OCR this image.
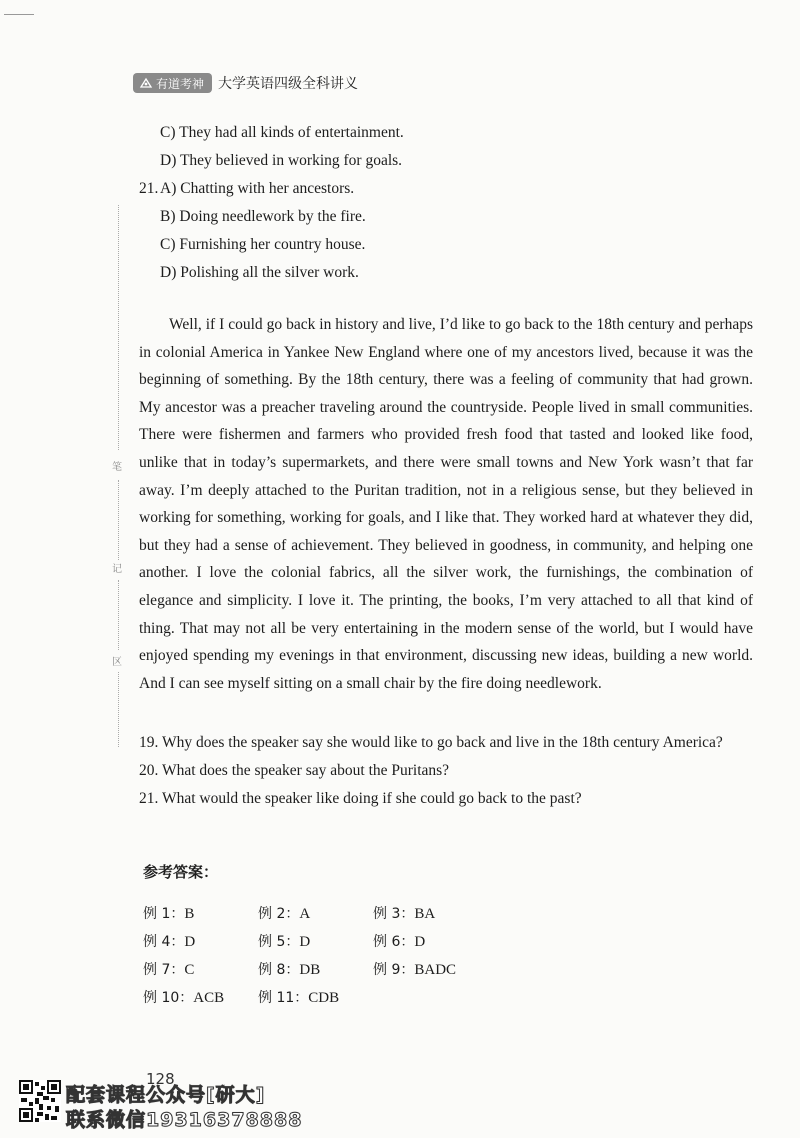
有道考神 大学英语四级全科讲义
笔
记
区
C) They had all kinds of entertainment.
D) They believed in working for goals.
21. A) Chatting with her ancestors.
B) Doing needlework by the fire.
C) Furnishing her country house.
D) Polishing all the silver work.

Well, if I could go back in history and live, I’d like to go back to the 18th century and perhaps in colonial America in Yankee New England where one of my ancestors lived, because it was the beginning of something. By the 18th century, there was a feeling of community that had grown. My ancestor was a preacher traveling around the countryside. People lived in small communities. There were fishermen and farmers who provided fresh food that tasted and looked like food, unlike that in today’s supermarkets, and there were small towns and New York wasn’t that far away. I’m deeply attached to the Puritan tradition, not in a religious sense, but they believed in working for something, working for goals, and I like that. They worked hard at whatever they did, but they had a sense of achievement. They believed in goodness, in community, and helping one another. I love the colonial fabrics, all the silver work, the furnishings, the combination of elegance and simplicity. I love it. The printing, the books, I’m very attached to all that kind of thing. That may not all be very entertaining in the modern sense of the world, but I would have enjoyed spending my evenings in that environment, discussing new ideas, building a new world. And I can see myself sitting on a small chair by the fire doing needlework.

19. Why does the speaker say she would like to go back and live in the 18th century America?
20. What does the speaker say about the Puritans?
21. What would the speaker like doing if she could go back to the past?
参考答案：
例 1：B	例 2：A	例 3：BA
例 4：D	例 5：D	例 6：D
例 7：C	例 8：DB	例 9：BADC
例 10：ACB 例 11：CDB
128
配套课程公众号[研大]
联系微信19316378888
